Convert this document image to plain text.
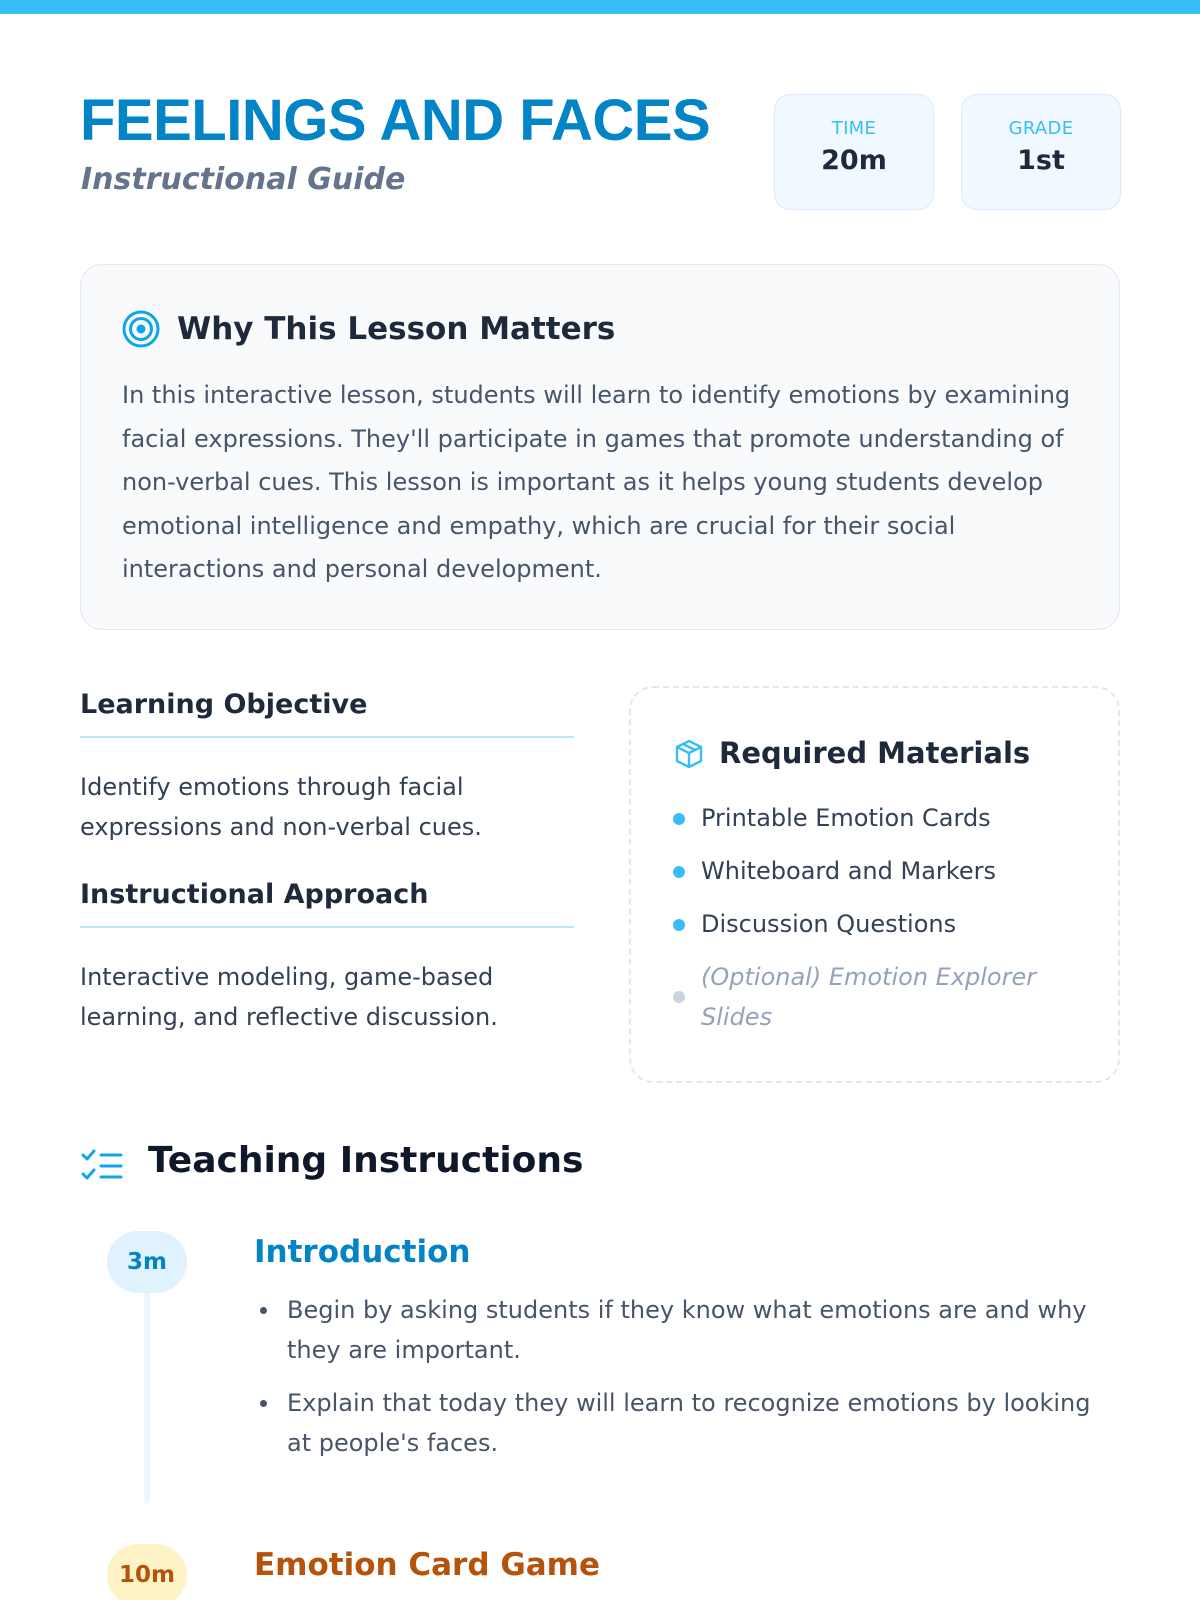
FEELINGS AND FACES
Instructional Guide
TIME
20m
GRADE
1st
Why This Lesson Matters

In this interactive lesson, students will learn to identify emotions by examining facial expressions. They'll participate in games that promote understanding of non-verbal cues. This lesson is important as it helps young students develop emotional intelligence and empathy, which are crucial for their social interactions and personal development.

Learning Objective

Identify emotions through facial expressions and non-verbal cues.

Instructional Approach

Interactive modeling, game-based learning, and reflective discussion.

Required Materials
Printable Emotion Cards
Whiteboard and Markers
Discussion Questions
(Optional) Emotion Explorer Slides
Teaching Instructions
3m	Introduction
Begin by asking students if they know what emotions are and why they are important.
Explain that today they will learn to recognize emotions by looking at people's faces.
10m	Emotion Card Game
